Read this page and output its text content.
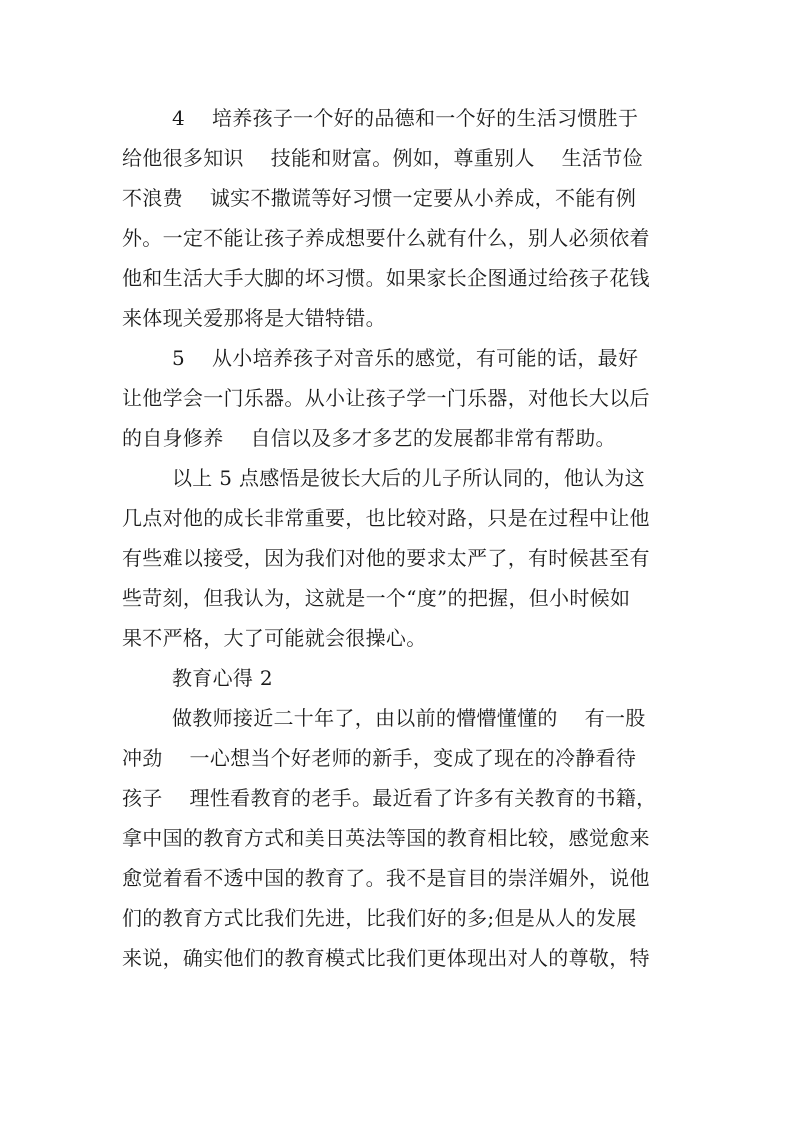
4　 培养孩子一个好的品德和一个好的生活习惯胜于
给他很多知识　 技能和财富。例如，尊重别人　 生活节俭
不浪费　 诚实不撒谎等好习惯一定要从小养成，不能有例
外。一定不能让孩子养成想要什么就有什么，别人必须依着
他和生活大手大脚的坏习惯。如果家长企图通过给孩子花钱
来体现关爱那将是大错特错。
5　 从小培养孩子对音乐的感觉，有可能的话，最好
让他学会一门乐器。从小让孩子学一门乐器，对他长大以后
的自身修养　 自信以及多才多艺的发展都非常有帮助。
以上 5 点感悟是彼长大后的儿子所认同的，他认为这
几点对他的成长非常重要，也比较对路，只是在过程中让他
有些难以接受，因为我们对他的要求太严了，有时候甚至有
些苛刻，但我认为，这就是一个“度”的把握，但小时候如
果不严格，大了可能就会很操心。
教育心得 2
做教师接近二十年了，由以前的懵懵懂懂的　 有一股
冲劲　 一心想当个好老师的新手，变成了现在的冷静看待
孩子　 理性看教育的老手。最近看了许多有关教育的书籍，
拿中国的教育方式和美日英法等国的教育相比较，感觉愈来
愈觉着看不透中国的教育了。我不是盲目的崇洋媚外，说他
们的教育方式比我们先进，比我们好的多;但是从人的发展
来说，确实他们的教育模式比我们更体现出对人的尊敬，特
